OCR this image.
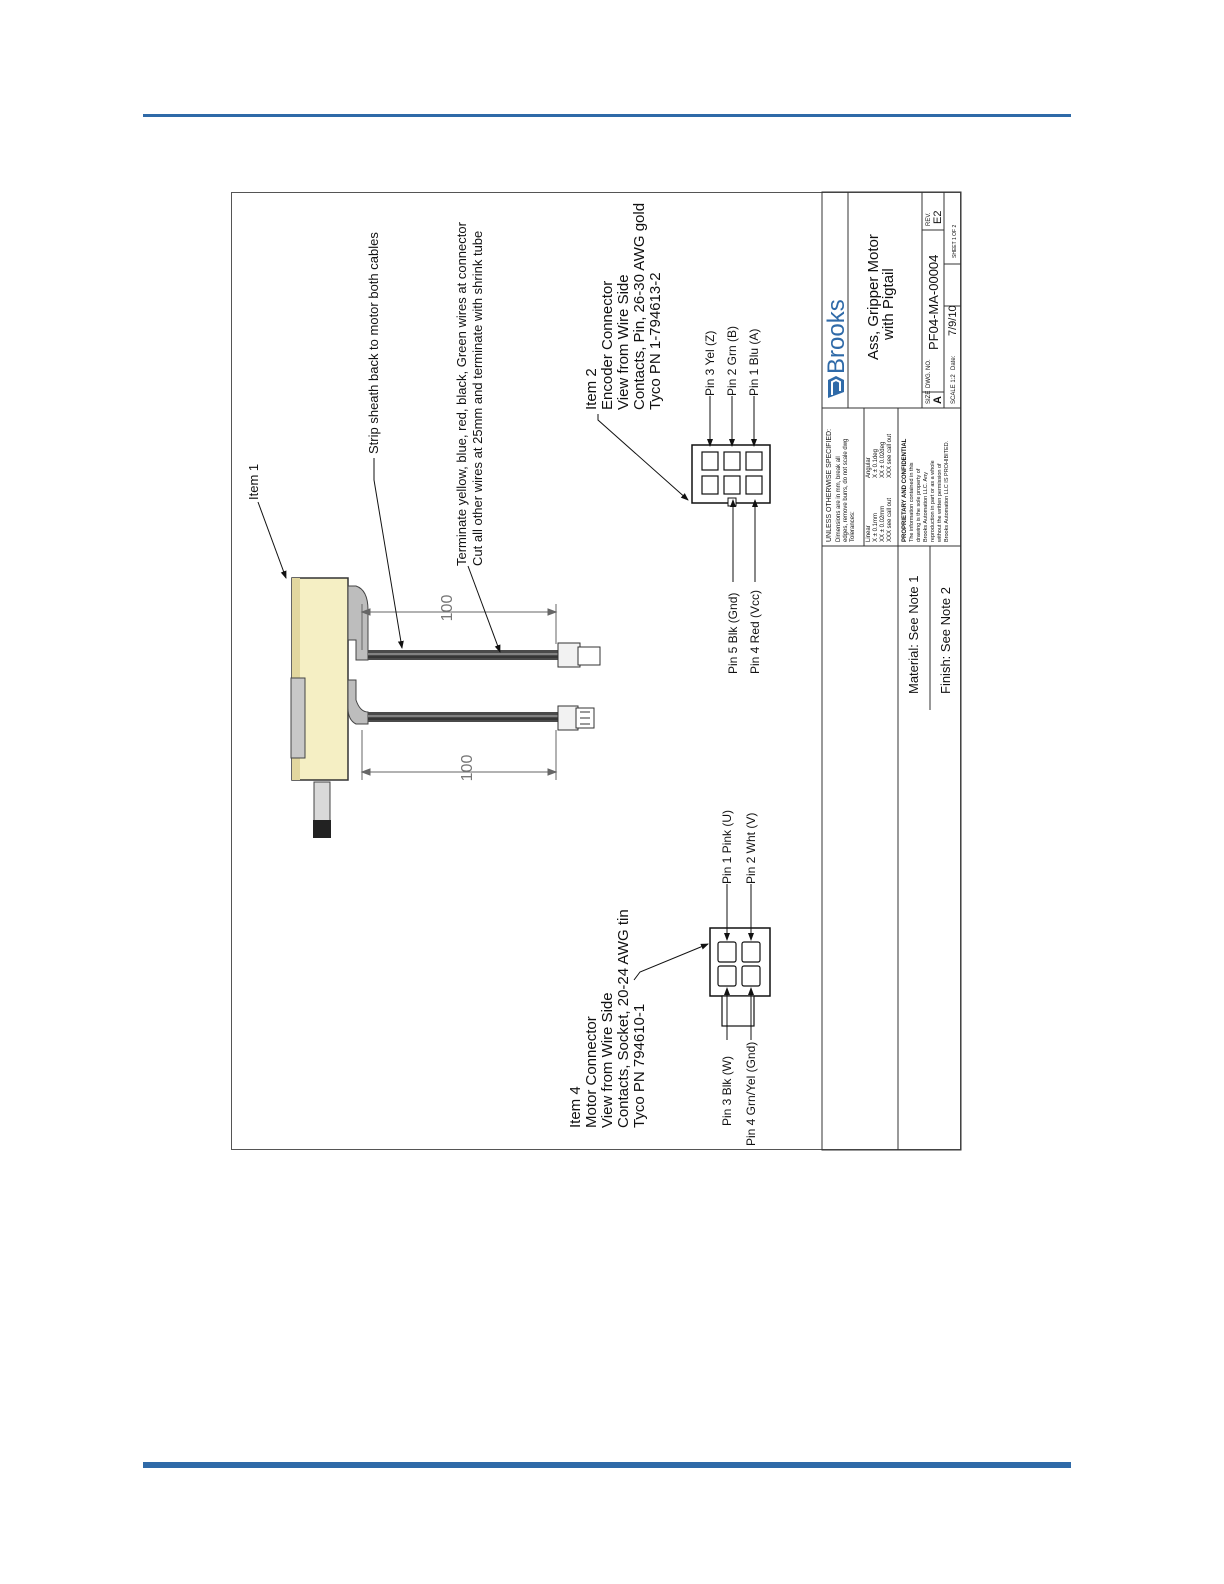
100
100
Item 1
Strip sheath back to motor both cables	Terminate yellow, blue, red, black, Green wires at connector Cut all other wires at 25mm and terminate with shrink tube	Item 2 Encoder Connector View from Wire Side Contacts, Pin, 26-30 AWG gold Tyco PN 1-794613-2	Pin 3 Yel (Z) Pin 2 Grn (B) Pin 1 Blu (A)
Pin 5 Blk (Gnd) Pin 4 Red (Vcc)
Item 4 Motor Connector View from Wire Side Contacts, Socket, 20-24 AWG tin Tyco PN 794610-1
Pin 1 Pink (U) Pin 2 Wht (V)
Pin 3 Blk (W) Pin 4 Grn/Yel (Gnd)
Brooks Ass, Gripper Motor
with Pigtail
SIZE A
DWG. NO.
PF04-MA-00004
REV. E2
SCALE 1:2
Date:
7/9/10
SHEET 1 OF 2
UNLESS OTHERWISE SPECIFIED: Dimensions are in mm, break all edges, remove burrs, do not scale dwg Tolerances: Linear X ± 0.1mm XX ± 0.02mm XXX see call out
Angular X ± 0.1deg XX ± 0.02deg XXX see call out PROPRIETARY AND CONFIDENTIAL The information contained in this drawing is the sole property of Brooks Automation LLC. Any reproduction in part or as a whole without the written permission of Brooks Automation LLC IS PROHIBITED.
Material: See Note 1 Finish: See Note 2
